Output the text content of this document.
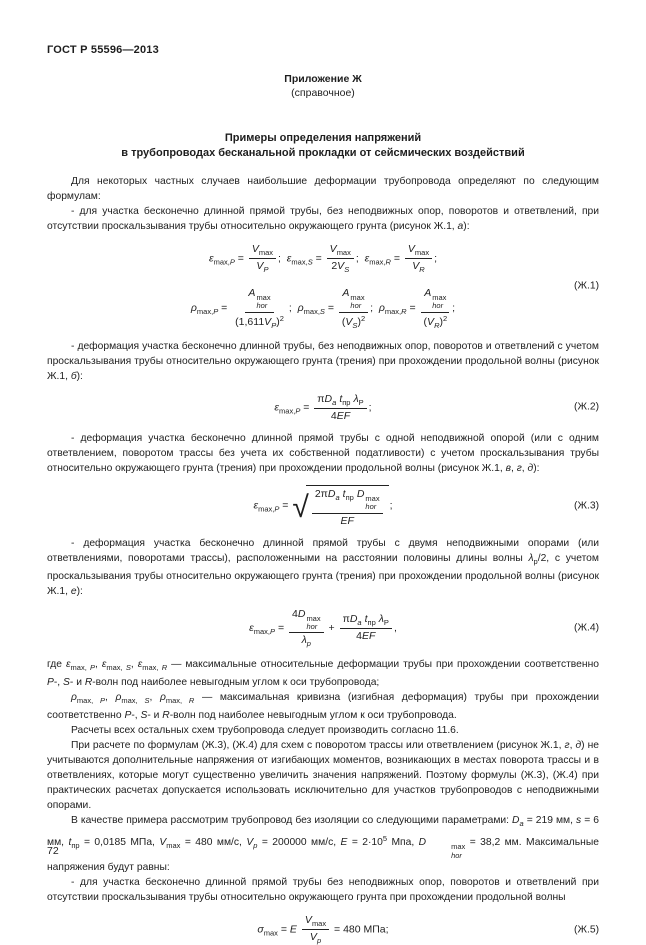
ГОСТ Р 55596—2013
Приложение Ж
(справочное)
Примеры определения напряжений
в трубопроводах бесканальной прокладки от сейсмических воздействий
Для некоторых частных случаев наибольшие деформации трубопровода определяют по следующим формулам:
- для участка бесконечно длинной прямой трубы, без неподвижных опор, поворотов и ответвлений, при отсутствии проскальзывания трубы относительно окружающего грунта (рисунок Ж.1, а):
$\varepsilon_{max,P} = \frac{V_{max}}{V_P}$ ;  $\varepsilon_{max,S} = \frac{V_{max}}{2V_S}$ ;  $\varepsilon_{max,R} = \frac{V_{max}}{V_R}$ ;
$\rho_{max,P} = A$ max
hor
$(1,611V_P)^2$ ;  $\rho_{max,S} = A$ max
hor
$(V_S)^2$ ;  $\rho_{max,R} = A$ max
hor
$(V_R)^2$ ;
(Ж.1)
- деформация участка бесконечно длинной трубы, без неподвижных опор, поворотов и ответвлений с учетом проскальзывания трубы относительно окружающего грунта (трения) при прохождении продольной волны (рисунок Ж.1, б):
$\varepsilon_{max,P} = \frac{\pi D_a t_{пр} \lambda_P}{4EF}$ ;	(Ж.2)
- деформация участка бесконечно длинной прямой трубы с одной неподвижной опорой (или с одним ответвлением, поворотом трассы без учета их собственной податливости) с учетом проскальзывания трубы относительно окружающего грунта (трения) при прохождении продольной волны (рисунок Ж.1, в, г, д):
$\varepsilon_{max,P}$ = √ $2\pi D_a$ $t_{пр}$ D max
hor
EF ;	(Ж.3)
- деформация участка бесконечно длинной прямой трубы с двумя неподвижными опорами (или ответвлениями, поворотами трассы), расположенными на расстоянии половины длины волны $\lambda_р/2$, с учетом проскальзывания трубы относительно окружающего грунта (трения) при прохождении продольной волны (рисунок Ж.1, е):
$\varepsilon_{max,P} = 4D$ max
hor
$\lambda_p + \frac{\pi D_a t_{пр} \lambda_P}{4EF}$ ,	(Ж.4)
где $\varepsilon_{max, P}$, $\varepsilon_{max, S}$, $\varepsilon_{max, R}$ — максимальные относительные деформации трубы при прохождении соответственно P-, S- и R-волн под наиболее невыгодным углом к оси трубопровода;
$\rho_{max, P}$, $\rho_{max, S}$, $\rho_{max, R}$ — максимальная кривизна (изгибная деформация) трубы при прохождении соответственно P-, S- и R-волн под наиболее невыгодным углом к оси трубопровода.
Расчеты всех остальных схем трубопровода следует производить согласно 11.6.
При расчете по формулам (Ж.3), (Ж.4) для схем с поворотом трассы или ответвлением (рисунок Ж.1, г, д) не учитываются дополнительные напряжения от изгибающих моментов, возникающих в местах поворота трассы и в ответвлениях, которые могут существенно увеличить значения напряжений. Поэтому формулы (Ж.3), (Ж.4) при практических расчетах допускается использовать исключительно для участков трубопроводов с неподвижными опорами.
В качестве примера рассмотрим трубопровод без изоляции со следующими параметрами: $D_a = 219$ мм, s = 6 мм, $t_{пр} = 0,0185$ МПа, $V_{max} = 480$ мм/с, $V_p = 200000$ мм/с, $E = 2\cdot 10^5$ Мпа, D	max
hor
= 38,2 мм. Максимальные напряжения будут равны:
- для участка бесконечно длинной прямой трубы без неподвижных опор, поворотов и ответвлений при отсутствии проскальзывания трубы относительно окружающего грунта при прохождении продольной волны
$\sigma_{max} = E \frac{V_{max}}{V_p} = 480$ МПа;	(Ж.5)
72
